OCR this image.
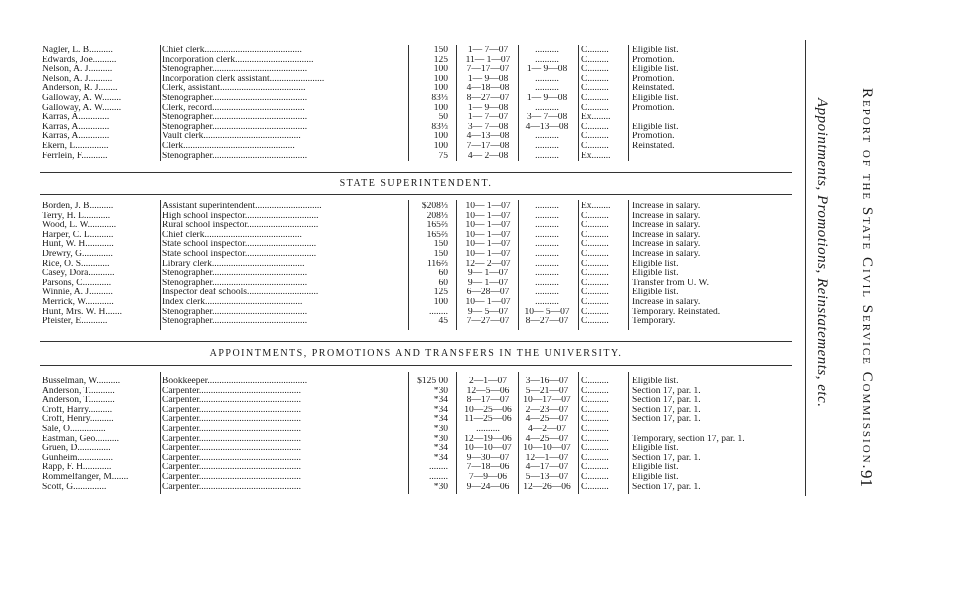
STATE SUPERINTENDENT.
APPOINTMENTS, PROMOTIONS AND TRANSFERS IN THE UNIVERSITY.
Nagler, L. B..........	Chief clerk.........................................	150	1— 7—07	..........	C.........	Eligible list.
Edwards, Joe..........	Incorporation clerk.................................	125	11— 1—07	..........	C.........	Promotion.
Nelson, A. J..........	Stenographer........................................	100	7—17—07	1— 9—08	C.........	Eligible list.
Nelson, A. J..........	Incorporation clerk assistant.......................	100	1— 9—08	..........	C.........	Promotion.
Anderson, R. J........	Clerk, assistant....................................	100	4—18—08	..........	C.........	Reinstated.
Galloway, A. W........	Stenographer........................................	83⅓	8—27—07	1— 9—08	C.........	Eligible list.
Galloway, A. W........	Clerk, record.......................................	100	1— 9—08	..........	C.........	Promotion.
Karras, A.............	Stenographer........................................	50	1— 7—07	3— 7—08	Ex........
Karras, A.............	Stenographer........................................	83⅓	3— 7—08	4—13—08	C.........	Eligible list.
Karras, A.............	Vault clerk.........................................	100	4—13—08	..........	C.........	Promotion.
Ekern, L..............	Clerk...............................................	100	7—17—08	..........	C.........	Reinstated.
Ferrlein, F...........	Stenographer........................................	75	4— 2—08	..........	Ex........
Borden, J. B..........	Assistant superintendent............................	$208⅓	10— 1—07	..........	Ex........	Increase in salary.
Terry, H. L...........	High school inspector...............................	208⅓	10— 1—07	..........	C.........	Increase in salary.
Wood, L. W............	Rural school inspector..............................	165⅔	10— 1—07	..........	C.........	Increase in salary.
Harper, C. L..........	Chief clerk.........................................	165⅔	10— 1—07	..........	C.........	Increase in salary.
Hunt, W. H............	State school inspector..............................	150	10— 1—07	..........	C.........	Increase in salary.
Drewry, G.............	State school inspector..............................	150	10— 1—07	..........	C.........	Increase in salary.
Rice, O. S............	Library clerk.......................................	116⅔	12— 2—07	..........	C.........	Eligible list.
Casey, Dora...........	Stenographer........................................	60	9— 1—07	..........	C.........	Eligible list.
Parsons, C............	Stenographer........................................	60	9— 1—07	..........	C.........	Transfer from U. W.
Winnie, A. J..........	Inspector deaf schools..............................	125	6—28—07	..........	C.........	Eligible list.
Merrick, W............	Index clerk.........................................	100	10— 1—07	..........	C.........	Increase in salary.
Hunt, Mrs. W. H.......	Stenographer........................................	........	9— 5—07	10— 5—07	C.........	Temporary. Reinstated.
Pfeister, E...........	Stenographer........................................	45	7—27—07	8—27—07	C.........	Temporary.
Busselman, W..........	Bookkeeper..........................................	$125 00	2—1—07	3—16—07	C.........	Eligible list.
Anderson, T...........	Carpenter...........................................	*30	12—5—06	5—21—07	C.........	Section 17, par. 1.
Anderson, T...........	Carpenter...........................................	*34	8—17—07	10—17—07	C.........	Section 17, par. 1.
Croft, Harry..........	Carpenter...........................................	*34	10—25—06	2—23—07	C.........	Section 17, par. 1.
Croft, Henry..........	Carpenter...........................................	*34	11—25—06	4—25—07	C.........	Section 17, par. 1.
Sale, O...............	Carpenter...........................................	*30	..........	4—2—07	C.........
Eastman, Geo..........	Carpenter...........................................	*30	12—19—06	4—25—07	C.........	Temporary, section 17, par. 1.
Gruen, D..............	Carpenter...........................................	*34	10—10—07	10—10—07	C.........	Eligible list.
Gunheim...............	Carpenter...........................................	*34	9—30—07	12—1—07	C.........	Section 17, par. 1.
Rapp, F. H............	Carpenter...........................................	........	7—18—06	4—17—07	C.........	Eligible list.
Rommelfanger, M.......	Carpenter...........................................	........	7—9—06	5—13—07	C.........	Eligible list.
Scott, G..............	Carpenter...........................................	*30	9—24—06	12—26—06	C.........	Section 17, par. 1.
Report of the State Civil Service Commission.
Appointments, Promotions, Reinstatements, etc.
91
